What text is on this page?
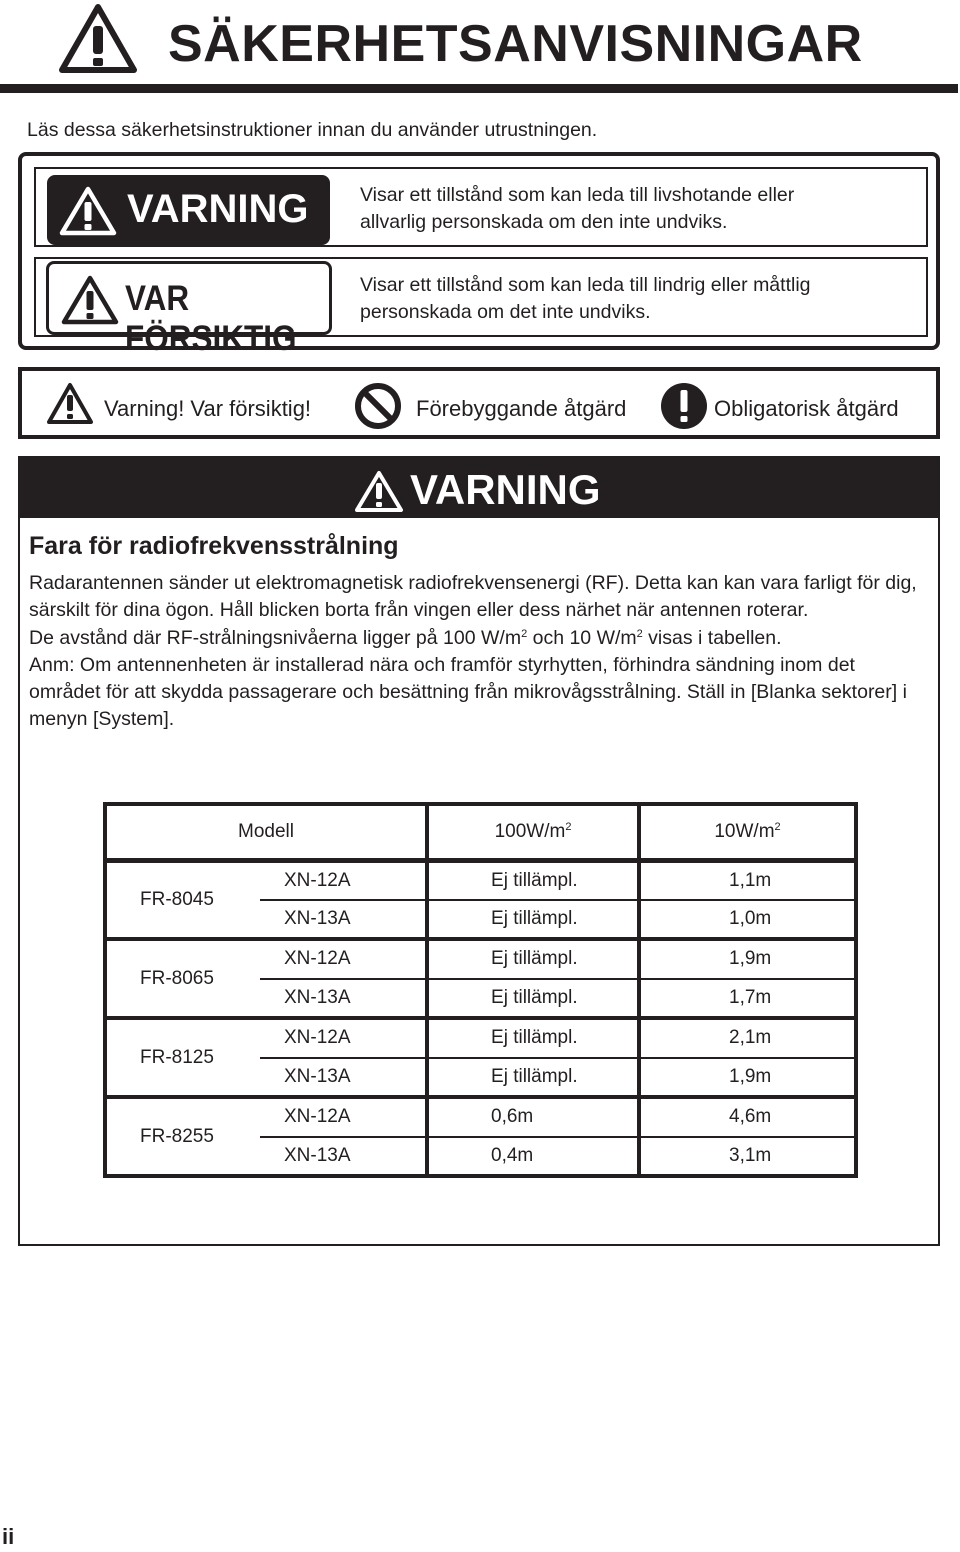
SÄKERHETSANVISNINGAR
Läs dessa säkerhetsinstruktioner innan du använder utrustningen.
VARNING	Visar ett tillstånd som kan leda till livshotande eller
allvarlig personskada om den inte undviks.
VAR FÖRSIKTIG
Visar ett tillstånd som kan leda till lindrig eller måttlig
personskada om det inte undviks.
Varning! Var försiktig!	Förebyggande åtgärd	Obligatorisk åtgärd
VARNING
Fara för radiofrekvensstrålning

Radarantennen sänder ut elektromagnetisk radiofrekvensenergi (RF). Detta kan kan vara farligt för dig, särskilt för dina ögon. Håll blicken borta från vingen eller dess närhet när antennen roterar.

De avstånd där RF-strålningsnivåerna ligger på 100 $W/m^2$ och 10 $W/m^2$ visas i tabellen.

Anm: Om antennenheten är installerad nära och framför styrhytten, förhindra sändning inom det området för att skydda passagerare och besättning från mikrovågsstrålning. Ställ in [Blanka sektorer] i menyn [System].

Modell		$100W/m^2$	$10W/m^2$
FR-8045	XN-12A	Ej tillämpl.	1,1m
	XN-13A	Ej tillämpl.	1,0m
FR-8065	XN-12A	Ej tillämpl.	1,9m
	XN-13A	Ej tillämpl.	1,7m
FR-8125	XN-12A	Ej tillämpl.	2,1m
	XN-13A	Ej tillämpl.	1,9m
FR-8255	XN-12A	0,6m	4,6m
	XN-13A	0,4m	3,1m
ii
